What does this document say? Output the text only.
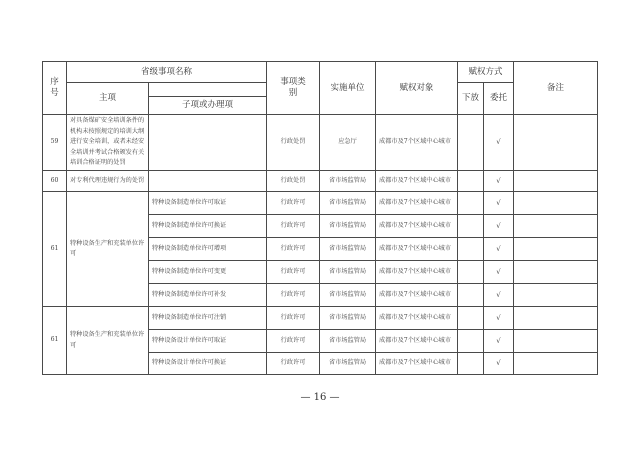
序号	省级事项名称		事项类别	实施单位	赋权对象	赋权方式		备注
	主项					下放	委托	
		子项或办理项						
59	对具备煤矿安全培训条件的机构未按照规定的培训大纲进行安全培训，或者未经安全培训并考试合格颁发有关培训合格证明的处罚		行政处罚	应急厅	成都市及7个区域中心城市		√	
60	对专利代理违规行为的处罚		行政处罚	省市场监管局	成都市及7个区域中心城市		√	
61	特种设备生产和充装单位许可	特种设备制造单位许可取证	行政许可	省市场监管局	成都市及7个区域中心城市		√	
		特种设备制造单位许可换证	行政许可	省市场监管局	成都市及7个区域中心城市		√	
		特种设备制造单位许可增项	行政许可	省市场监管局	成都市及7个区域中心城市		√	
		特种设备制造单位许可变更	行政许可	省市场监管局	成都市及7个区域中心城市		√	
		特种设备制造单位许可补发	行政许可	省市场监管局	成都市及7个区域中心城市		√	
61	特种设备生产和充装单位许可	特种设备制造单位许可注销	行政许可	省市场监管局	成都市及7个区域中心城市		√	
		特种设备设计单位许可取证	行政许可	省市场监管局	成都市及7个区域中心城市		√	
		特种设备设计单位许可换证	行政许可	省市场监管局	成都市及7个区域中心城市		√	
— 16 —
